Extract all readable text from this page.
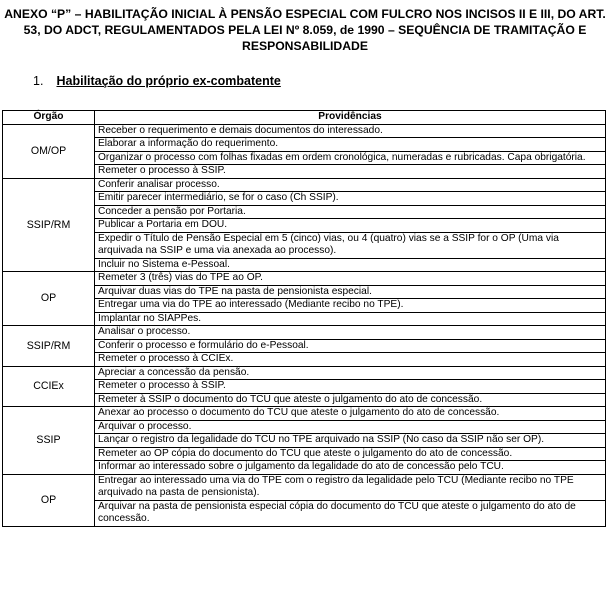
ANEXO “P” – HABILITAÇÃO INICIAL À PENSÃO ESPECIAL COM FULCRO NOS INCISOS II E III, DO ART.
53, DO ADCT, REGULAMENTADOS PELA LEI Nº 8.059, de 1990 – SEQUÊNCIA DE TRAMITAÇÃO E
RESPONSABILIDADE
1. Habilitação do próprio ex-combatente
Órgão	Providências
OM/OP	Receber o requerimento e demais documentos do interessado.
	Elaborar a informação do requerimento.
	Organizar o processo com folhas fixadas em ordem cronológica, numeradas e rubricadas. Capa obrigatória.
	Remeter o processo à SSIP.
SSIP/RM	Conferir analisar processo.
	Emitir parecer intermediário, se for o caso (Ch SSIP).
	Conceder a pensão por Portaria.
	Publicar a Portaria em DOU.
	Expedir o Título de Pensão Especial em 5 (cinco) vias, ou 4 (quatro) vias se a SSIP for o OP (Uma via arquivada na SSIP e uma via anexada ao processo).
	Incluir no Sistema e-Pessoal.
OP	Remeter 3 (três) vias do TPE ao OP.
	Arquivar duas vias do TPE na pasta de pensionista especial.
	Entregar uma via do TPE ao interessado (Mediante recibo no TPE).
	Implantar no SIAPPes.
SSIP/RM	Analisar o processo.
	Conferir o processo e formulário do e-Pessoal.
	Remeter o processo à CCIEx.
CCIEx	Apreciar a concessão da pensão.
	Remeter o processo à SSIP.
	Remeter à SSIP o documento do TCU que ateste o julgamento do ato de concessão.
SSIP	Anexar ao processo o documento do TCU que ateste o julgamento do ato de concessão.
	Arquivar o processo.
	Lançar o registro da legalidade do TCU no TPE arquivado na SSIP (No caso da SSIP não ser OP).
	Remeter ao OP cópia do documento do TCU que ateste o julgamento do ato de concessão.
	Informar ao interessado sobre o julgamento da legalidade do ato de concessão pelo TCU.
OP	Entregar ao interessado uma via do TPE com o registro da legalidade pelo TCU (Mediante recibo no TPE arquivado na pasta de pensionista).
	Arquivar na pasta de pensionista especial cópia do documento do TCU que ateste o julgamento do ato de concessão.
